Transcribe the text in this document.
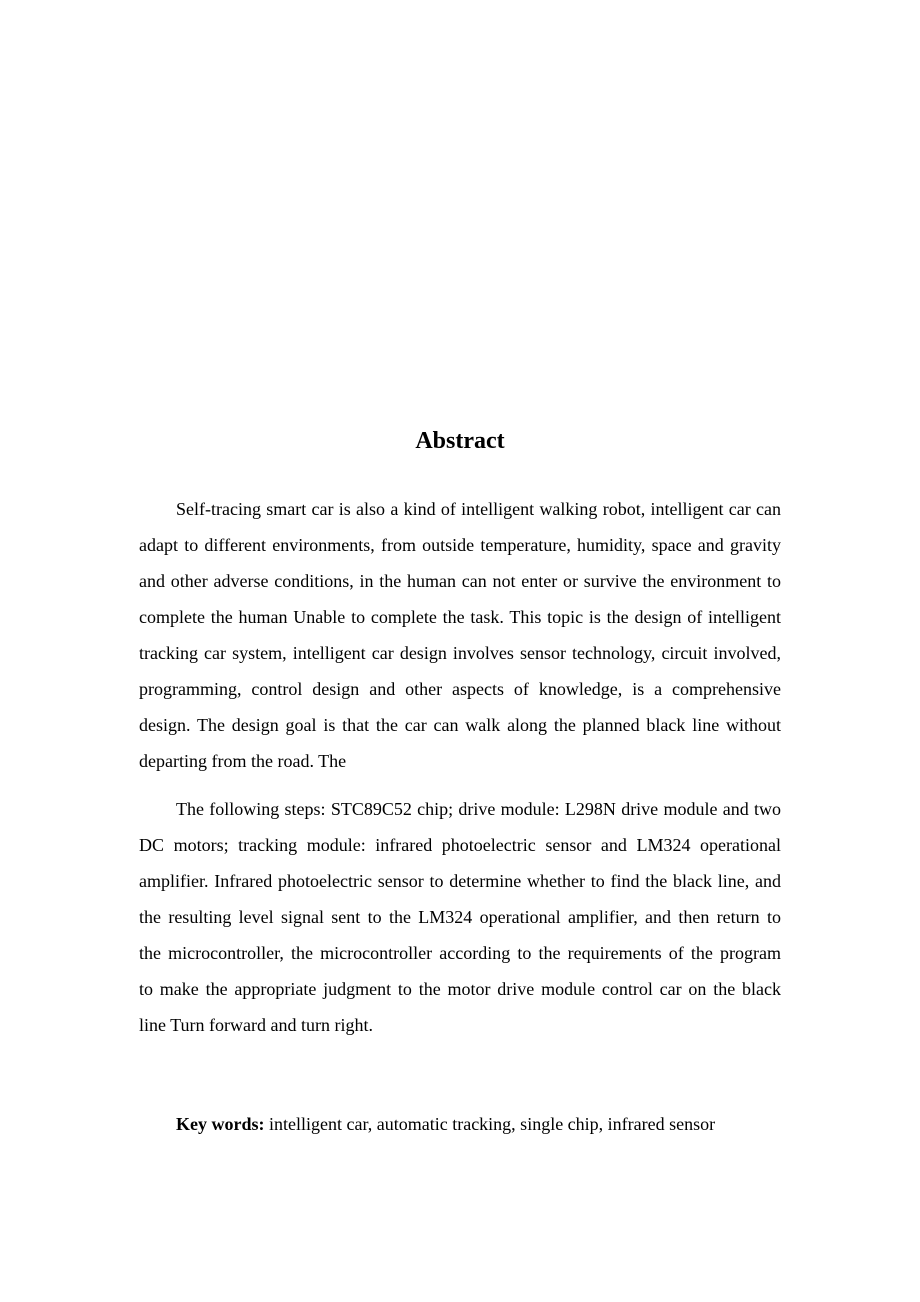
Abstract
Self-tracing smart car is also a kind of intelligent walking robot, intelligent car can
adapt to different environments, from outside temperature, humidity, space and gravity
and other adverse conditions, in the human can not enter or survive the environment to
complete the human Unable to complete the task. This topic is the design of intelligent
tracking car system, intelligent car design involves sensor technology, circuit involved,
programming, control design and other aspects of knowledge, is a comprehensive
design. The design goal is that the car can walk along the planned black line without
departing from the road. The
The following steps: STC89C52 chip; drive module: L298N drive module and two
DC motors; tracking module: infrared photoelectric sensor and LM324 operational
amplifier. Infrared photoelectric sensor to determine whether to find the black line, and
the resulting level signal sent to the LM324 operational amplifier, and then return to
the microcontroller, the microcontroller according to the requirements of the program
to make the appropriate judgment to the motor drive module control car on the black
line Turn forward and turn right.
Key words: intelligent car, automatic tracking, single chip, infrared sensor
